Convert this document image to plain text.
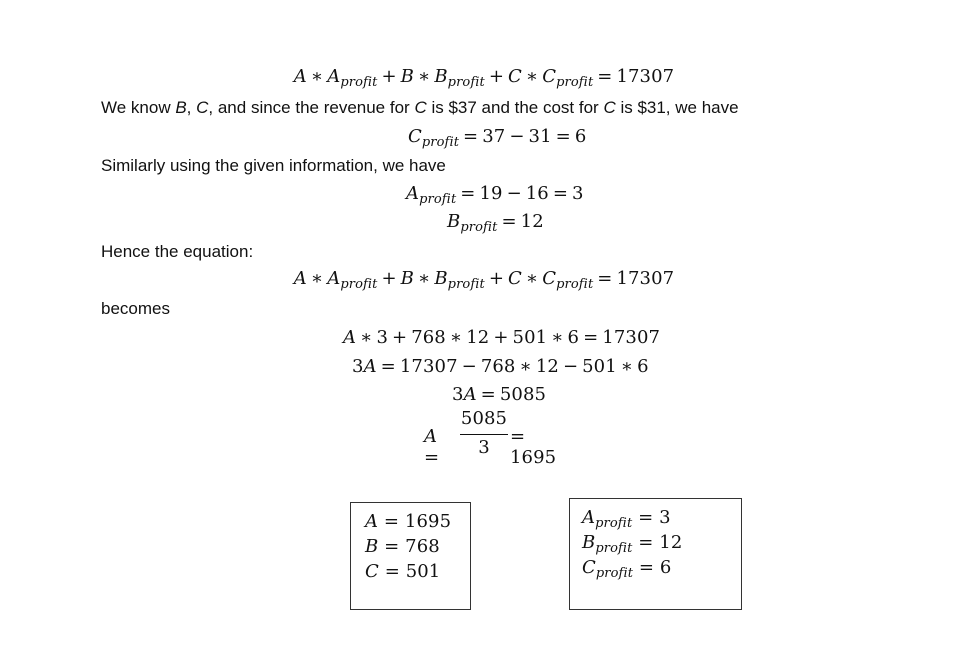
A ∗ $A_{profit} + B$ ∗ $B_{profit} + C$ ∗ $C_{profit} = 17307$
We know B, C, and since the revenue for C is $37 and the cost for C is $31, we have
$C_{profit} = 37 - 31 = 6$
Similarly using the given information, we have
$A_{profit} = 19 - 16 = 3$
$B_{profit} = 12$
Hence the equation:
A ∗ $A_{profit} + B$ ∗ $B_{profit} + C$ ∗ $C_{profit} = 17307$
becomes
A ∗ 3 + 768 ∗ 12 + 501 ∗ 6 = 17307
3A = 17307 − 768 ∗ 12 − 501 ∗ 6
3A = 5085
A =
5085
3
= 1695
A = 1695
B = 768
C = 501
$A_{profit} = 3$
$B_{profit} = 12$
$C_{profit} = 6$
